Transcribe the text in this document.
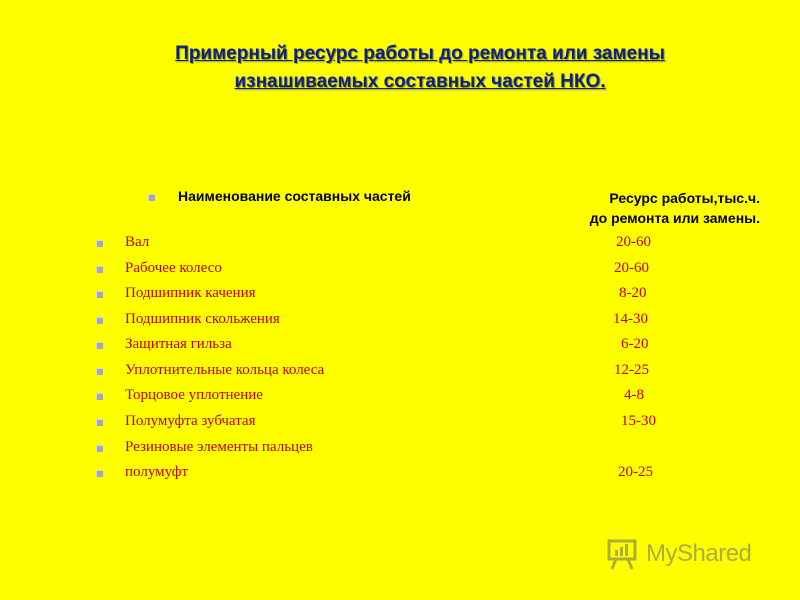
Примерный ресурс работы до ремонта или замены
изнашиваемых составных частей НКО.
Наименование составных частей	Ресурс работы,тыс.ч.
до ремонта или замены.
Вал	20-60
Рабочее колесо	20-60
Подшипник качения	8-20
Подшипник скольжения	14-30
Защитная гильза	6-20
Уплотнительные кольца колеса	12-25
Торцовое уплотнение	4-8
Полумуфта зубчатая	15-30
Резиновые элементы пальцев
полумуфт	20-25
MyShared
